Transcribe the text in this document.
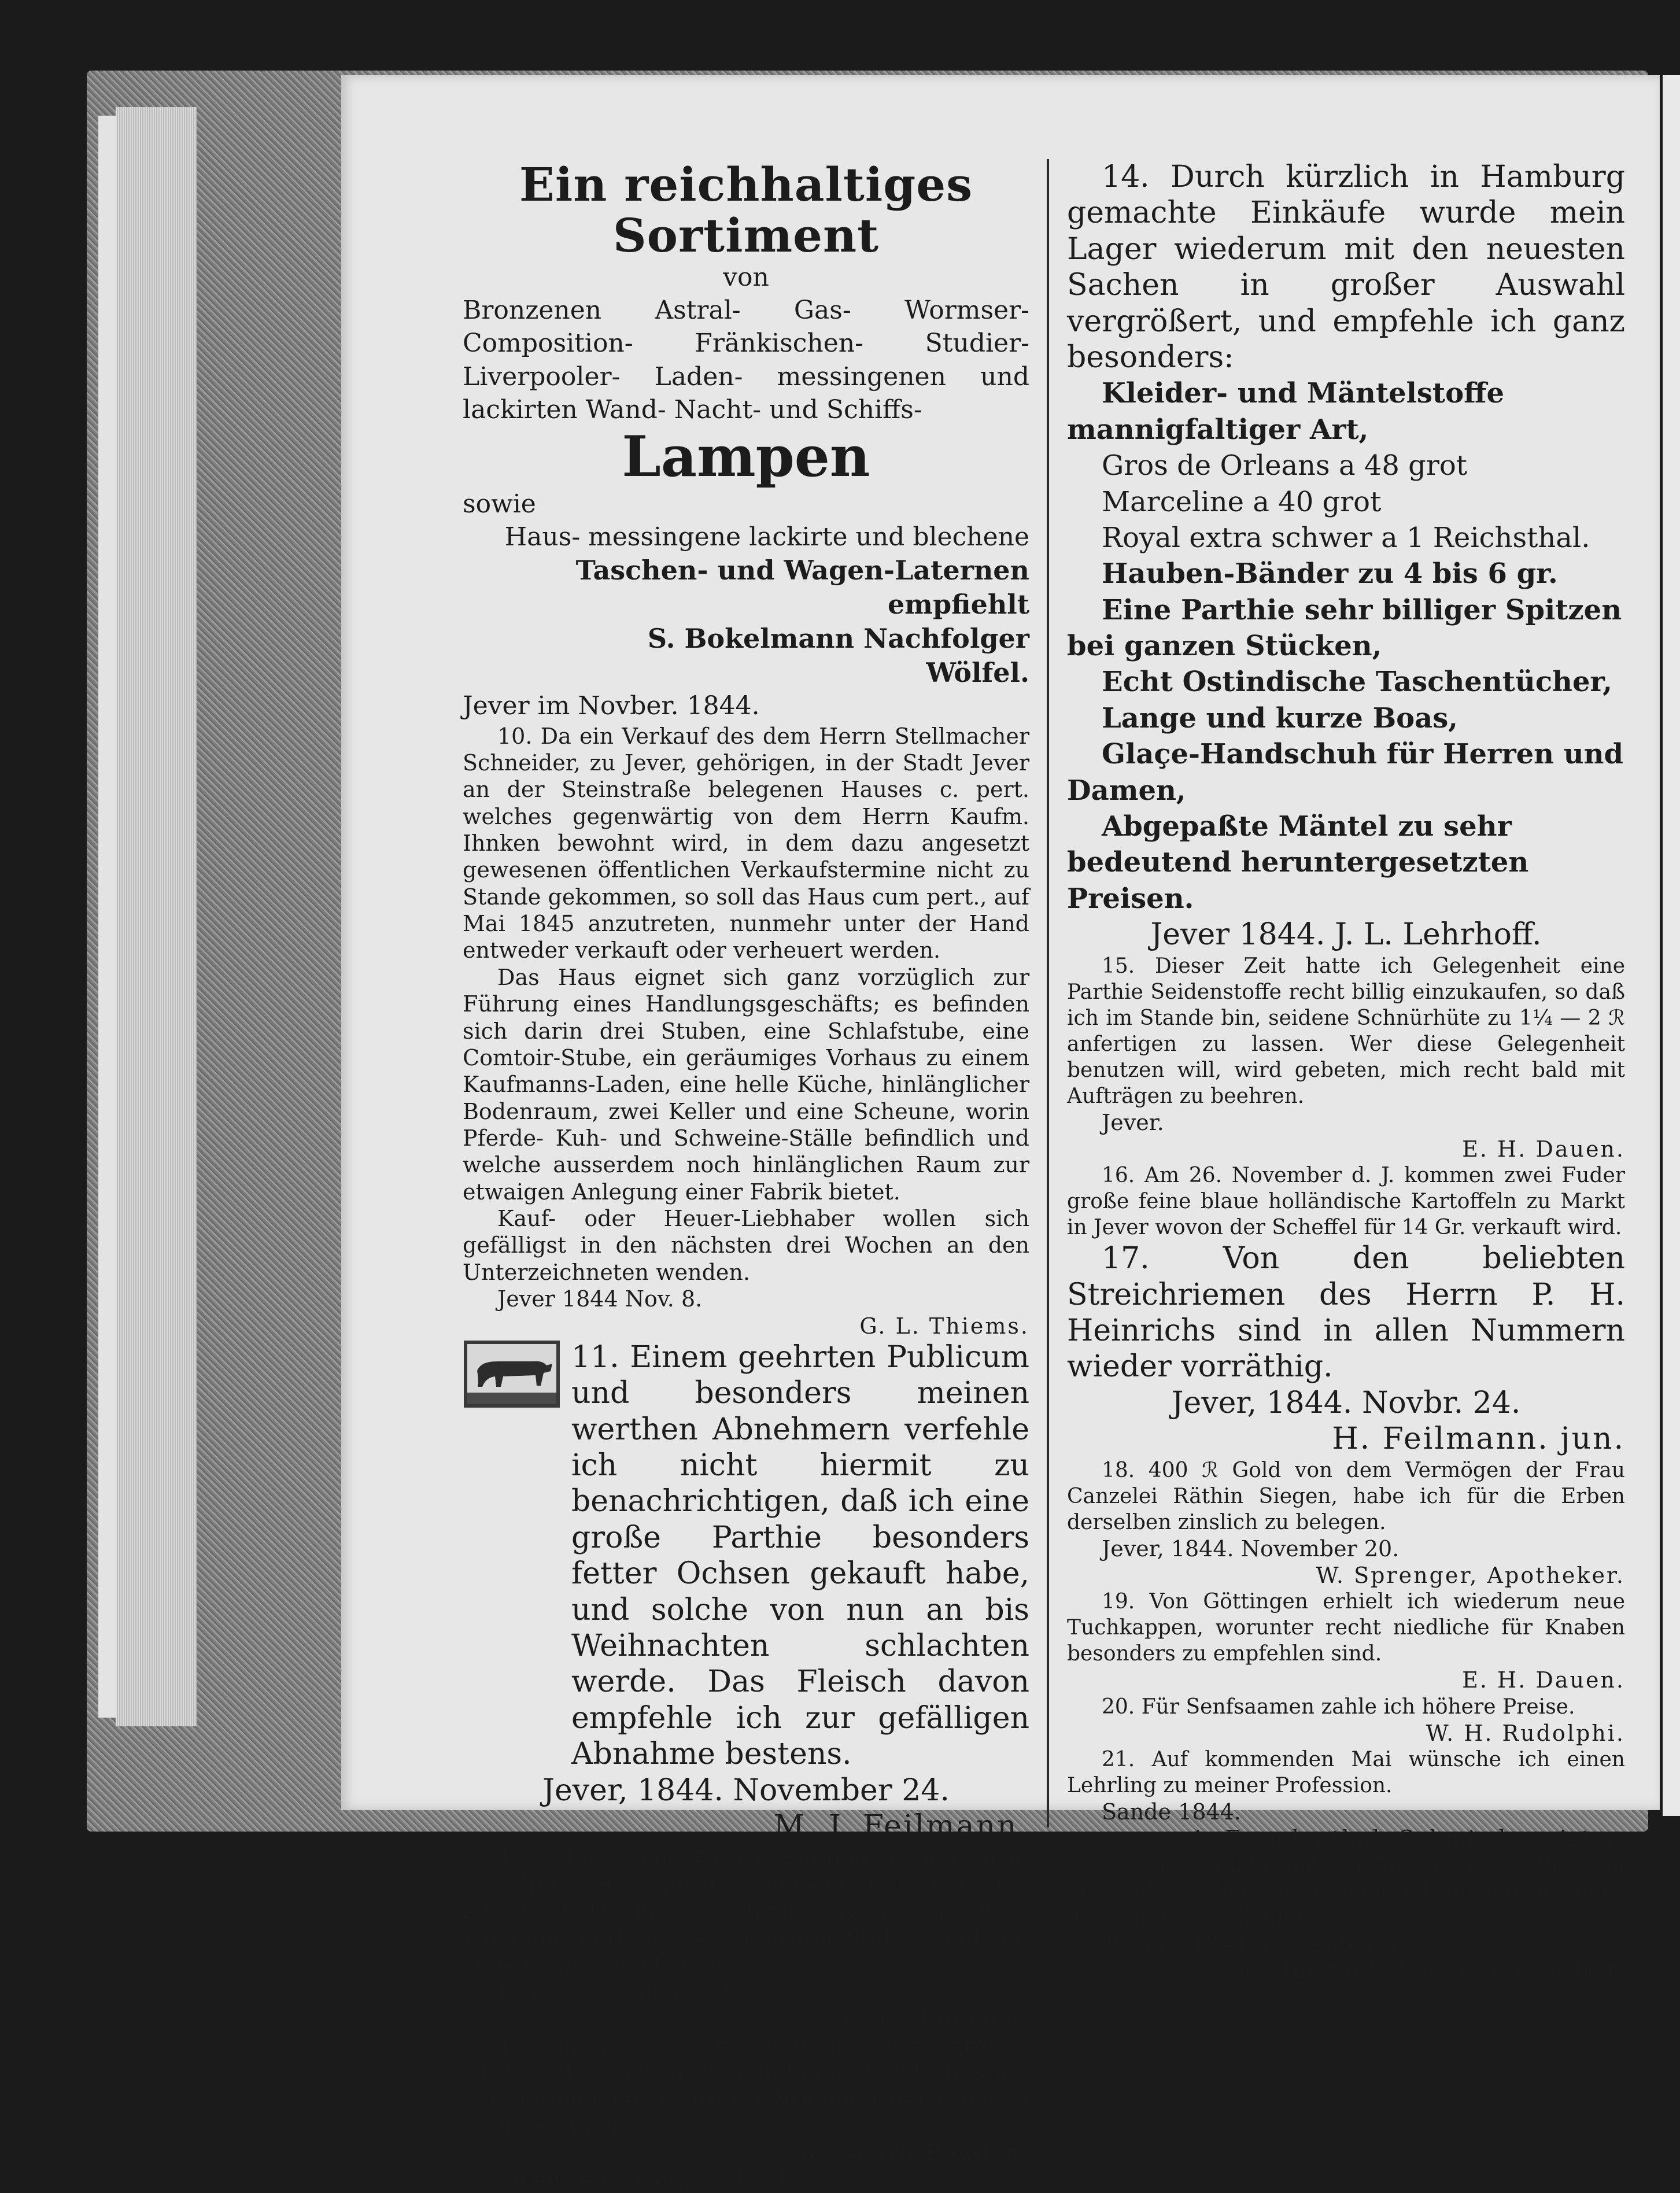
Ein reichhaltiges Sortiment
von

Bronzenen Astral- Gas- Wormser- Composition- Fränkischen- Studier- Liverpooler- Laden- messingenen und lackirten Wand- Nacht- und Schiffs-

Lampen
sowie
Haus- messingene lackirte und blechene
Taschen- und Wagen-Laternen empfiehlt
S. Bokelmann Nachfolger
Wölfel.
Jever im Novber. 1844.

10. Da ein Verkauf des dem Herrn Stellmacher Schneider, zu Jever, gehörigen, in der Stadt Jever an der Steinstraße belegenen Hauses c. pert. welches gegenwärtig von dem Herrn Kaufm. Ihnken bewohnt wird, in dem dazu angesetzt gewesenen öffentlichen Verkaufstermine nicht zu Stande gekommen, so soll das Haus cum pert., auf Mai 1845 anzutreten, nunmehr unter der Hand entweder verkauft oder verheuert werden.

Das Haus eignet sich ganz vorzüglich zur Führung eines Handlungsgeschäfts; es befinden sich darin drei Stuben, eine Schlafstube, eine Comtoir-Stube, ein geräumiges Vorhaus zu einem Kaufmanns-Laden, eine helle Küche, hinlänglicher Bodenraum, zwei Keller und eine Scheune, worin Pferde- Kuh- und Schweine-Ställe befindlich und welche ausserdem noch hinlänglichen Raum zur etwaigen Anlegung einer Fabrik bietet.

Kauf- oder Heuer-Liebhaber wollen sich gefälligst in den nächsten drei Wochen an den Unterzeichneten wenden.

Jever 1844 Nov. 8.
G. L. Thiems.
11. Einem geehrten Publicum und besonders meinen werthen Abnehmern verfehle ich nicht hiermit zu benachrichtigen, daß ich eine große Parthie besonders fetter Ochsen gekauft habe, und solche von nun an bis Weihnachten schlachten werde. Das Fleisch davon empfehle ich zur gefälligen Abnahme bestens.
Jever, 1844. November 24.
M. J. Feilmann.

12. Mein vom Herrn Bünting gegenwärtig bewohntes Haus an der Schlachtstraße habe ich auf Mai 1845 unter der Hand zu verheuern. Diese Wohnung enthält die schönsten Stuben und hat viele Bequemlichkeiten.

Jever, November 1844.
J. H. Mammen.

13. Eine Landhäuslingsstelle mit einem großen Obst- und Gemüsegarten und plm. 9 Matten Land, hat auf ein oder mehrere Jahre unter der Hand zu verheuern der

Gastwirth Budden.
Sillenstede, Nov. 22. 1844.

14. Durch kürzlich in Hamburg gemachte Einkäufe wurde mein Lager wiederum mit den neuesten Sachen in großer Auswahl vergrößert, und empfehle ich ganz besonders:

Kleider- und Mäntelstoffe mannigfaltiger Art,
Gros de Orleans a 48 grot
Marceline a 40 grot
Royal extra schwer a 1 Reichsthal.
Hauben-Bänder zu 4 bis 6 gr.
Eine Parthie sehr billiger Spitzen bei ganzen Stücken,
Echt Ostindische Taschentücher,
Lange und kurze Boas,
Glaçe-Handschuh für Herren und Damen,
Abgepaßte Mäntel zu sehr bedeutend heruntergesetzten Preisen.
Jever 1844. J. L. Lehrhoff.

15. Dieser Zeit hatte ich Gelegenheit eine Parthie Seidenstoffe recht billig einzukaufen, so daß ich im Stande bin, seidene Schnürhüte zu 1¼ — 2 ℛ anfertigen zu lassen. Wer diese Gelegenheit benutzen will, wird gebeten, mich recht bald mit Aufträgen zu beehren.

Jever.
E. H. Dauen.

16. Am 26. November d. J. kommen zwei Fuder große feine blaue holländische Kartoffeln zu Markt in Jever wovon der Scheffel für 14 Gr. verkauft wird.

17. Von den beliebten Streichriemen des Herrn P. H. Heinrichs sind in allen Nummern wieder vorräthig.

Jever, 1844. Novbr. 24.
H. Feilmann. jun.

18. 400 ℛ Gold von dem Vermögen der Frau Canzelei Räthin Siegen, habe ich für die Erben derselben zinslich zu belegen.

Jever, 1844. November 20.
W. Sprenger, Apotheker.

19. Von Göttingen erhielt ich wiederum neue Tuchkappen, worunter recht niedliche für Knaben besonders zu empfehlen sind.

E. H. Dauen.

20. Für Senfsaamen zahle ich höhere Preise.

W. H. Rudolphi.

21. Auf kommenden Mai wünsche ich einen Lehrling zu meiner Profession.

Sande 1844.
A. Freudenthal, Schmiedemeister.

22. Vier Gräber auf dem Tettenser Kirchhofe an der Südseite der Kirche habe ich in Auftrag unter der Hand zu verkaufen.

Tettens 1844, November 5.
Rehmstedt, Rechnungssteller.
